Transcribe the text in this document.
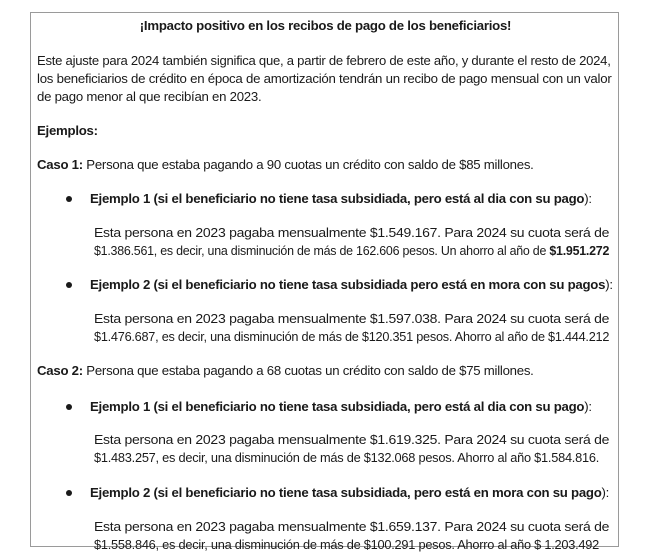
¡Impacto positivo en los recibos de pago de los beneficiarios!
Este ajuste para 2024 también significa que, a partir de febrero de este año, y durante el resto de 2024,
los beneficiarios de crédito en época de amortización tendrán un recibo de pago mensual con un valor
de pago menor al que recibían en 2023.
Ejemplos:
Caso 1: Persona que estaba pagando a 90 cuotas un crédito con saldo de $85 millones.
Ejemplo 1 (si el beneficiario no tiene tasa subsidiada, pero está al dia con su pago):
Esta persona en 2023 pagaba mensualmente $1.549.167. Para 2024 su cuota será de
$1.386.561, es decir, una disminución de más de 162.606 pesos. Un ahorro al año de $1.951.272
Ejemplo 2 (si el beneficiario no tiene tasa subsidiada pero está en mora con su pagos):
Esta persona en 2023 pagaba mensualmente $1.597.038. Para 2024 su cuota será de
$1.476.687, es decir, una disminución de más de $120.351 pesos. Ahorro al año de $1.444.212
Caso 2: Persona que estaba pagando a 68 cuotas un crédito con saldo de $75 millones.
Ejemplo 1 (si el beneficiario no tiene tasa subsidiada, pero está al dia con su pago):
Esta persona en 2023 pagaba mensualmente $1.619.325. Para 2024 su cuota será de
$1.483.257, es decir, una disminución de más de $132.068 pesos. Ahorro al año $1.584.816.
Ejemplo 2 (si el beneficiario no tiene tasa subsidiada, pero está en mora con su pago):
Esta persona en 2023 pagaba mensualmente $1.659.137. Para 2024 su cuota será de
$1.558.846, es decir, una disminución de más de $100.291 pesos. Ahorro al año $ 1.203.492
